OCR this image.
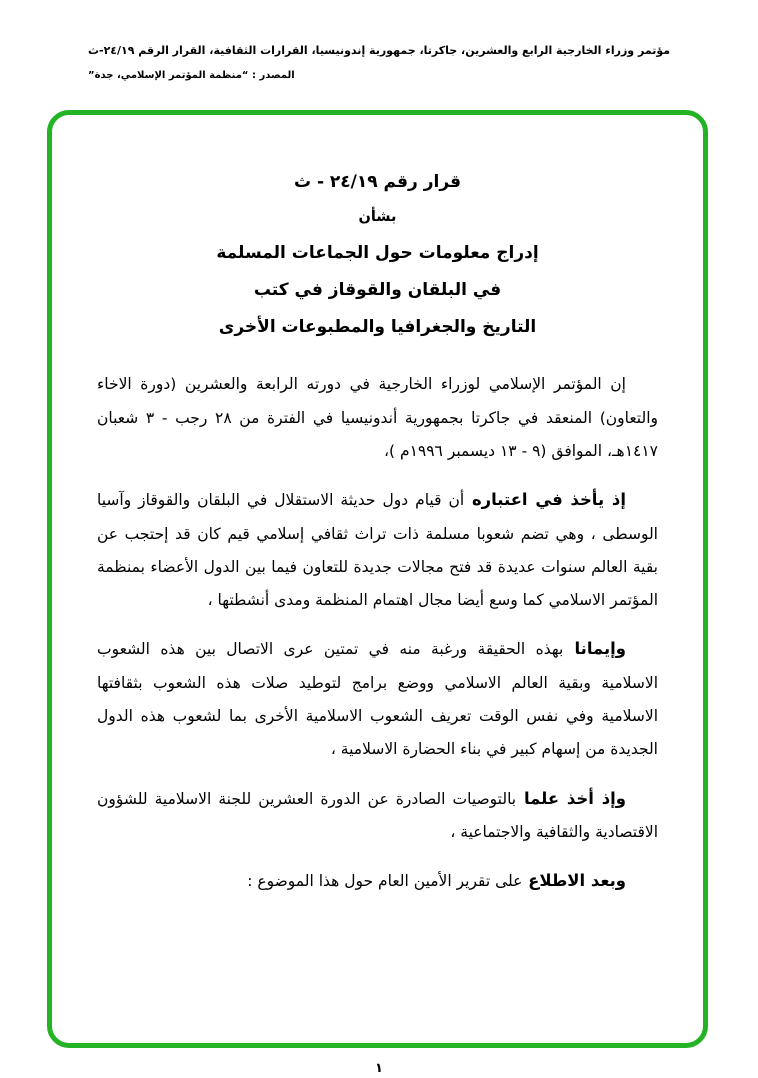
مؤتمر وزراء الخارجية الرابع والعشرين، جاكرتا، جمهورية إندونيسيا، القرارات الثقافية، القرار الرقم ٢٤/١٩-ث
المصدر : “منظمة المؤتمر الإسلامي، جدة”
قرار رقم ٢٤/١٩ - ث
بشأن
إدراج معلومات حول الجماعات المسلمة
في البلقان والقوقاز في كتب
التاريخ والجغرافيا والمطبوعات الأخرى

إن المؤتمر الإسلامي لوزراء الخارجية في دورته الرابعة والعشرين (دورة الاخاء والتعاون) المنعقد في جاكرتا بجمهورية أندونيسيا في الفترة من ٢٨ رجب - ٣ شعبان ١٤١٧هـ، الموافق (٩ - ١٣ ديسمبر ١٩٩٦م )،

إذ يأخذ في اعتباره أن قيام دول حديثة الاستقلال في البلقان والقوقاز وآسيا الوسطى ، وهي تضم شعوبا مسلمة ذات تراث ثقافي إسلامي قيم كان قد إحتجب عن بقية العالم سنوات عديدة قد فتح مجالات جديدة للتعاون فيما بين الدول الأعضاء بمنظمة المؤتمر الاسلامي كما وسع أيضا مجال اهتمام المنظمة ومدى أنشطتها ،

وإيمانا بهذه الحقيقة ورغبة منه في تمتين عرى الاتصال بين هذه الشعوب الاسلامية وبقية العالم الاسلامي ووضع برامج لتوطيد صلات هذه الشعوب بثقافتها الاسلامية وفي نفس الوقت تعريف الشعوب الاسلامية الأخرى بما لشعوب هذه الدول الجديدة من إسهام كبير في بناء الحضارة الاسلامية ،

وإذ أخذ علما بالتوصيات الصادرة عن الدورة العشرين للجنة الاسلامية للشؤون الاقتصادية والثقافية والاجتماعية ،

وبعد الاطلاع على تقرير الأمين العام حول هذا الموضوع :

١
